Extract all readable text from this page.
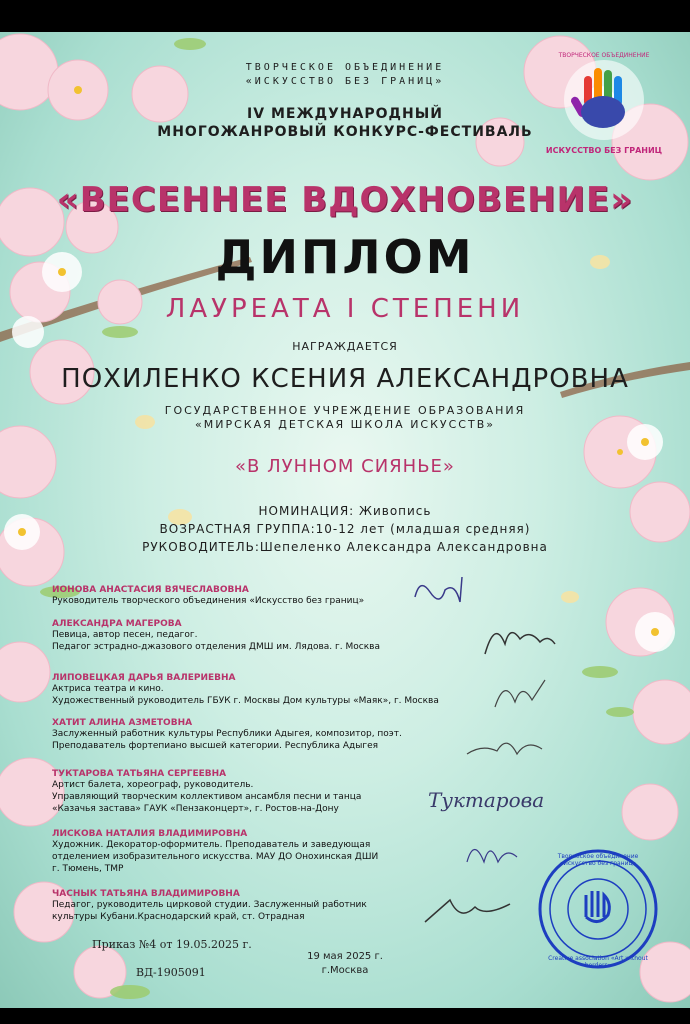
ТВОРЧЕСКОЕ ОБЪЕДИНЕНИЕ
ИСКУССТВО БЕЗ ГРАНИЦ
ТВОРЧЕСКОЕ ОБЪЕДИНЕНИЕ
«ИСКУССТВО БЕЗ ГРАНИЦ»
IV МЕЖДУНАРОДНЫЙ
МНОГОЖАНРОВЫЙ КОНКУРС-ФЕСТИВАЛЬ
«ВЕСЕННЕЕ ВДОХНОВЕНИЕ»
ДИПЛОМ
ЛАУРЕАТА I СТЕПЕНИ
НАГРАЖДАЕТСЯ
ПОХИЛЕНКО КСЕНИЯ АЛЕКСАНДРОВНА
ГОСУДАРСТВЕННОЕ УЧРЕЖДЕНИЕ ОБРАЗОВАНИЯ
«МИРСКАЯ ДЕТСКАЯ ШКОЛА ИСКУССТВ»
«В ЛУННОМ СИЯНЬЕ»
НОМИНАЦИЯ: Живопись
ВОЗРАСТНАЯ ГРУППА:10-12 лет (младшая средняя)
РУКОВОДИТЕЛЬ:Шепеленко Александра Александровна
ИОНОВА АНАСТАСИЯ ВЯЧЕСЛАВОВНА
Руководитель творческого объединения «Искусство без границ»
АЛЕКСАНДРА МАГЕРОВА
Певица, автор песен, педагог.
Педагог эстрадно-джазового отделения ДМШ им. Лядова. г. Москва
ЛИПОВЕЦКАЯ ДАРЬЯ ВАЛЕРИЕВНА
Актриса театра и кино.
Художественный руководитель ГБУК г. Москвы Дом культуры «Маяк», г. Москва
ХАТИТ АЛИНА АЗМЕТОВНА
Заслуженный работник культуры Республики Адыгея, композитор, поэт.
Преподаватель фортепиано высшей категории. Республика Адыгея
ТУКТАРОВА ТАТЬЯНА СЕРГЕЕВНА
Артист балета, хореограф, руководитель.
Управляющий творческим коллективом ансамбля песни и танца
«Казачья застава» ГАУК «Пензаконцерт», г. Ростов-на-Дону
ЛИСКОВА НАТАЛИЯ ВЛАДИМИРОВНА
Художник. Декоратор-оформитель. Преподаватель и заведующая
отделением изобразительного искусства. МАУ ДО Онохинская ДШИ
г. Тюмень, ТМР
ЧАСНЫК ТАТЬЯНА ВЛАДИМИРОВНА
Педагог, руководитель цирковой студии. Заслуженный работник
культуры Кубани.Краснодарский край, ст. Отрадная
Туктарова
Творческое объединение «Искусство без границ»
Creative association «Art without borders»
Приказ №4 от 19.05.2025 г.
ВД-1905091
19 мая 2025 г.
г.Москва
